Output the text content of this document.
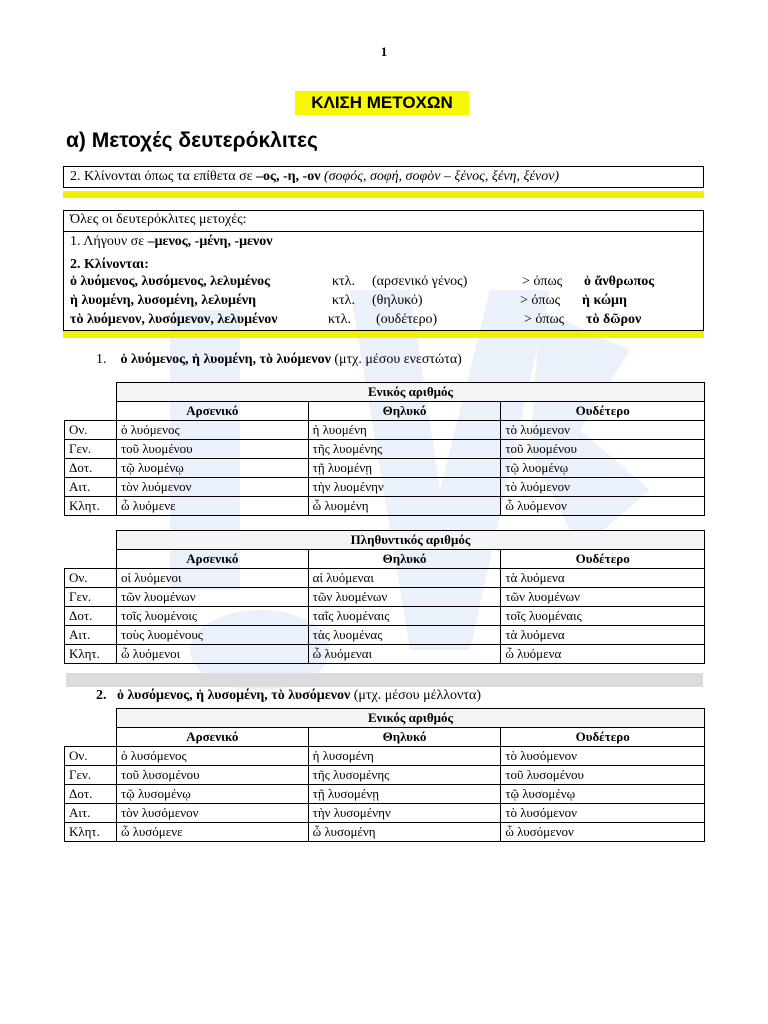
1
ΚΛΙΣΗ ΜΕΤΟΧΩΝ
α) Μετοχές δευτερόκλιτες
2. Κλίνονται όπως τα επίθετα σε –ος, -η, -ον (σοφός, σοφή, σοφὸν – ξένος, ξένη, ξένον)
Όλες οι δευτερόκλιτες μετοχές:
1. Λήγουν σε –μενος, -μένη, -μενον
2. Κλίνονται:
ὁ λυόμενος, λυσόμενος, λελυμένος	κτλ. (αρσενικό γένος)	> όπως ὁ ἄνθρωπος
ἡ λυομένη, λυσομένη, λελυμένη	κτλ. (θηλυκό)	> όπως ἡ κώμη
τὸ λυόμενον, λυσόμενον, λελυμένον	κτλ. (ουδέτερο)	> όπως τὸ δῶρον
1. ὁ λυόμενος, ἡ λυομένη, τὸ λυόμενον (μτχ. μέσου ενεστώτα)
	Ενικός αριθμός		
	Αρσενικό	Θηλυκό	Ουδέτερο
Ον.	ὁ λυόμενος	ἡ λυομένη	τὸ λυόμενον
Γεν.	τοῦ λυομένου	τῆς λυομένης	τοῦ λυομένου
Δοτ.	τῷ λυομένῳ	τῇ λυομένῃ	τῷ λυομένῳ
Αιτ.	τὸν λυόμενον	τὴν λυομένην	τὸ λυόμενον
Κλητ.	ὦ λυόμενε	ὦ λυομένη	ὦ λυόμενον
	Πληθυντικός αριθμός		
	Αρσενικό	Θηλυκό	Ουδέτερο
Ον.	οἱ λυόμενοι	αἱ λυόμεναι	τὰ λυόμενα
Γεν.	τῶν λυομένων	τῶν λυομένων	τῶν λυομένων
Δοτ.	τοῖς λυομένοις	ταῖς λυομέναις	τοῖς λυομέναις
Αιτ.	τοὺς λυομένους	τὰς λυομένας	τὰ λυόμενα
Κλητ.	ὦ λυόμενοι	ὦ λυόμεναι	ὦ λυόμενα
2. ὁ λυσόμενος, ἡ λυσομένη, τὸ λυσόμενον (μτχ. μέσου μέλλοντα)
	Ενικός αριθμός		
	Αρσενικό	Θηλυκό	Ουδέτερο
Ον.	ὁ λυσόμενος	ἡ λυσομένη	τὸ λυσόμενον
Γεν.	τοῦ λυσομένου	τῆς λυσομένης	τοῦ λυσομένου
Δοτ.	τῷ λυσομένῳ	τῇ λυσομένῃ	τῷ λυσομένῳ
Αιτ.	τὸν λυσόμενον	τὴν λυσομένην	τὸ λυσόμενον
Κλητ.	ὦ λυσόμενε	ὦ λυσομένη	ὦ λυσόμενον
